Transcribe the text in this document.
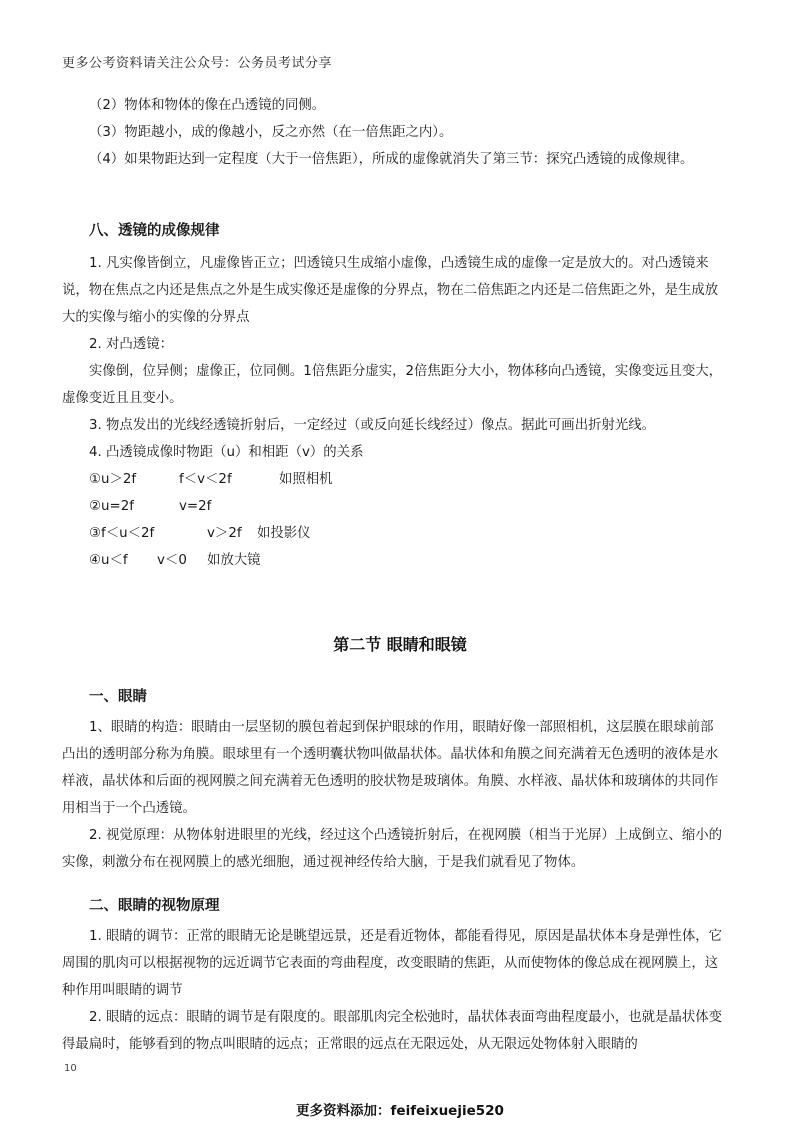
更多公考资料请关注公众号：公务员考试分享

（2）物体和物体的像在凸透镜的同侧。

（3）物距越小，成的像越小，反之亦然（在一倍焦距之内）。

（4）如果物距达到一定程度（大于一倍焦距），所成的虚像就消失了第三节：探究凸透镜的成像规律。

八、透镜的成像规律

1. 凡实像皆倒立，凡虚像皆正立；凹透镜只生成缩小虚像，凸透镜生成的虚像一定是放大的。对凸透镜来说，物在焦点之内还是焦点之外是生成实像还是虚像的分界点，物在二倍焦距之内还是二倍焦距之外，是生成放大的实像与缩小的实像的分界点

2. 对凸透镜：

实像倒，位异侧；虚像正，位同侧。1倍焦距分虚实，2倍焦距分大小，物体移向凸透镜，实像变远且变大，虚像变近且且变小。

3. 物点发出的光线经透镜折射后，一定经过（或反向延长线经过）像点。据此可画出折射光线。

4. 凸透镜成像时物距（u）和相距（v）的关系

①u＞2f	f＜v＜2f	如照相机

②u=2f	v=2f

③f＜u＜2f	v＞2f 如投影仪

④u＜f v＜0 如放大镜

第二节 眼睛和眼镜

一、眼睛

1、眼睛的构造：眼睛由一层坚韧的膜包着起到保护眼球的作用，眼睛好像一部照相机，这层膜在眼球前部凸出的透明部分称为角膜。眼球里有一个透明囊状物叫做晶状体。晶状体和角膜之间充满着无色透明的液体是水样液，晶状体和后面的视网膜之间充满着无色透明的胶状物是玻璃体。角膜、水样液、晶状体和玻璃体的共同作用相当于一个凸透镜。

2. 视觉原理：从物体射进眼里的光线，经过这个凸透镜折射后，在视网膜（相当于光屏）上成倒立、缩小的实像，刺激分布在视网膜上的感光细胞，通过视神经传给大脑，于是我们就看见了物体。

二、眼睛的视物原理

1. 眼睛的调节：正常的眼睛无论是眺望远景，还是看近物体，都能看得见，原因是晶状体本身是弹性体，它周围的肌肉可以根据视物的远近调节它表面的弯曲程度，改变眼睛的焦距，从而使物体的像总成在视网膜上，这种作用叫眼睛的调节

2. 眼睛的远点：眼睛的调节是有限度的。眼部肌肉完全松弛时，晶状体表面弯曲程度最小，也就是晶状体变得最扁时，能够看到的物点叫眼睛的远点；正常眼的远点在无限远处，从无限远处物体射入眼睛的

10
更多资料添加：feifeixuejie520
